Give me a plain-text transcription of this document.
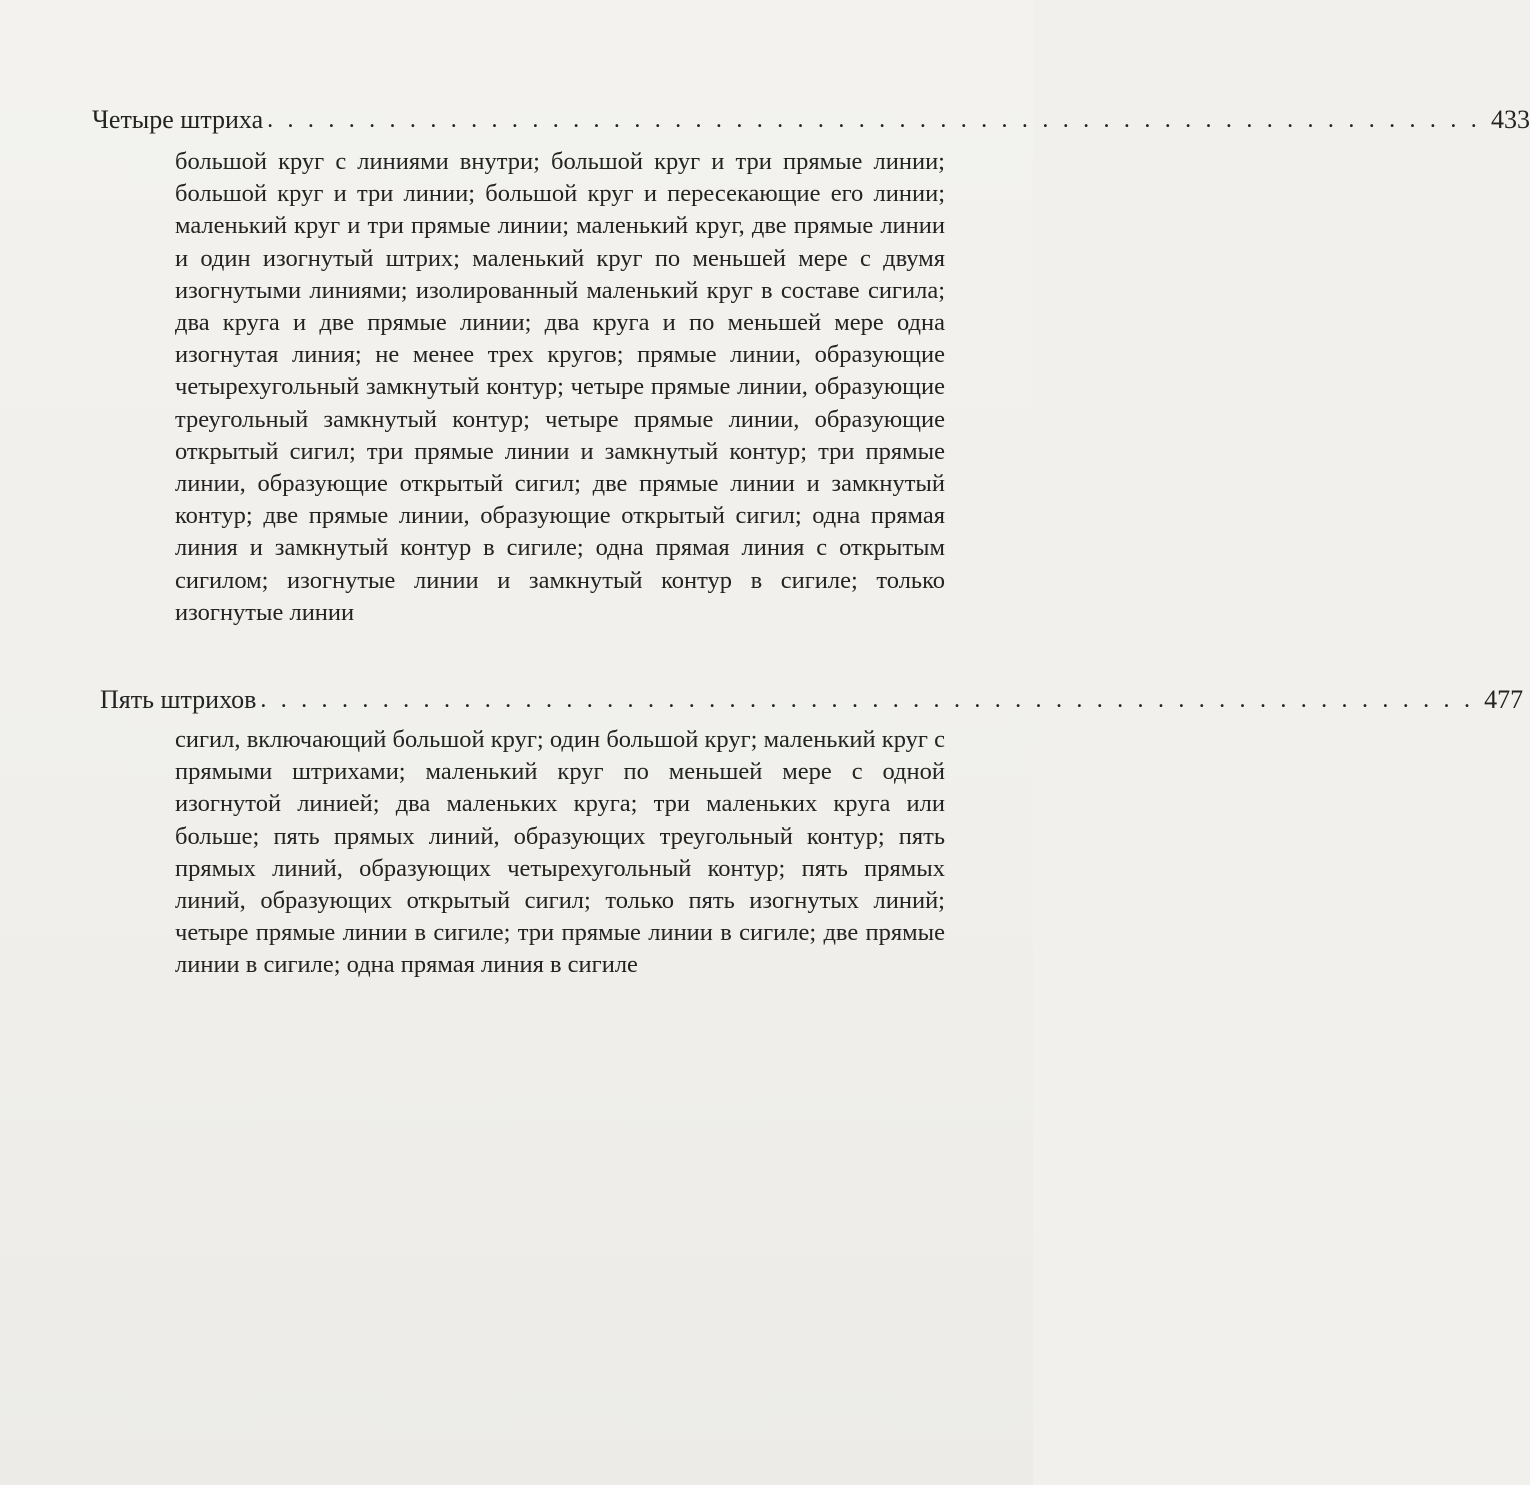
Четыре штриха . . . . . . . . . . . . . . . . . . . . . . . . . . . . . . . . . . . . . . . . . . . . . . . . . . . . . . . . . . . . 433
большой круг с линиями внутри; большой круг и три прямые линии; большой круг и три линии; большой круг и пересекающие его линии; маленький круг и три прямые линии; маленький круг, две прямые линии и один изогнутый штрих; маленький круг по меньшей мере с двумя изогнутыми линиями; изолированный маленький круг в составе сигила; два круга и две прямые линии; два круга и по меньшей мере одна изогнутая линия; не менее трех кругов; прямые линии, образующие четырехугольный замкнутый контур; четыре прямые линии, образующие треугольный замкнутый контур; четыре прямые линии, образующие открытый сигил; три прямые линии и замкнутый контур; три прямые линии, образующие открытый сигил; две прямые линии и замкнутый контур; две прямые линии, образующие открытый сигил; одна прямая линия и замкнутый контур в сигиле; одна прямая линия с открытым сигилом; изогнутые линии и замкнутый контур в сигиле; только изогнутые линии
Пять штрихов . . . . . . . . . . . . . . . . . . . . . . . . . . . . . . . . . . . . . . . . . . . . . . . . . . . . . . . . . . . . 477
сигил, включающий большой круг; один большой круг; маленький круг с прямыми штрихами; маленький круг по меньшей мере с одной изогнутой линией; два маленьких круга; три маленьких круга или больше; пять прямых линий, образующих треугольный контур; пять прямых линий, образующих четырехугольный контур; пять прямых линий, образующих открытый сигил; только пять изогнутых линий; четыре прямые линии в сигиле; три прямые линии в сигиле; две прямые линии в сигиле; одна прямая линия в сигиле
